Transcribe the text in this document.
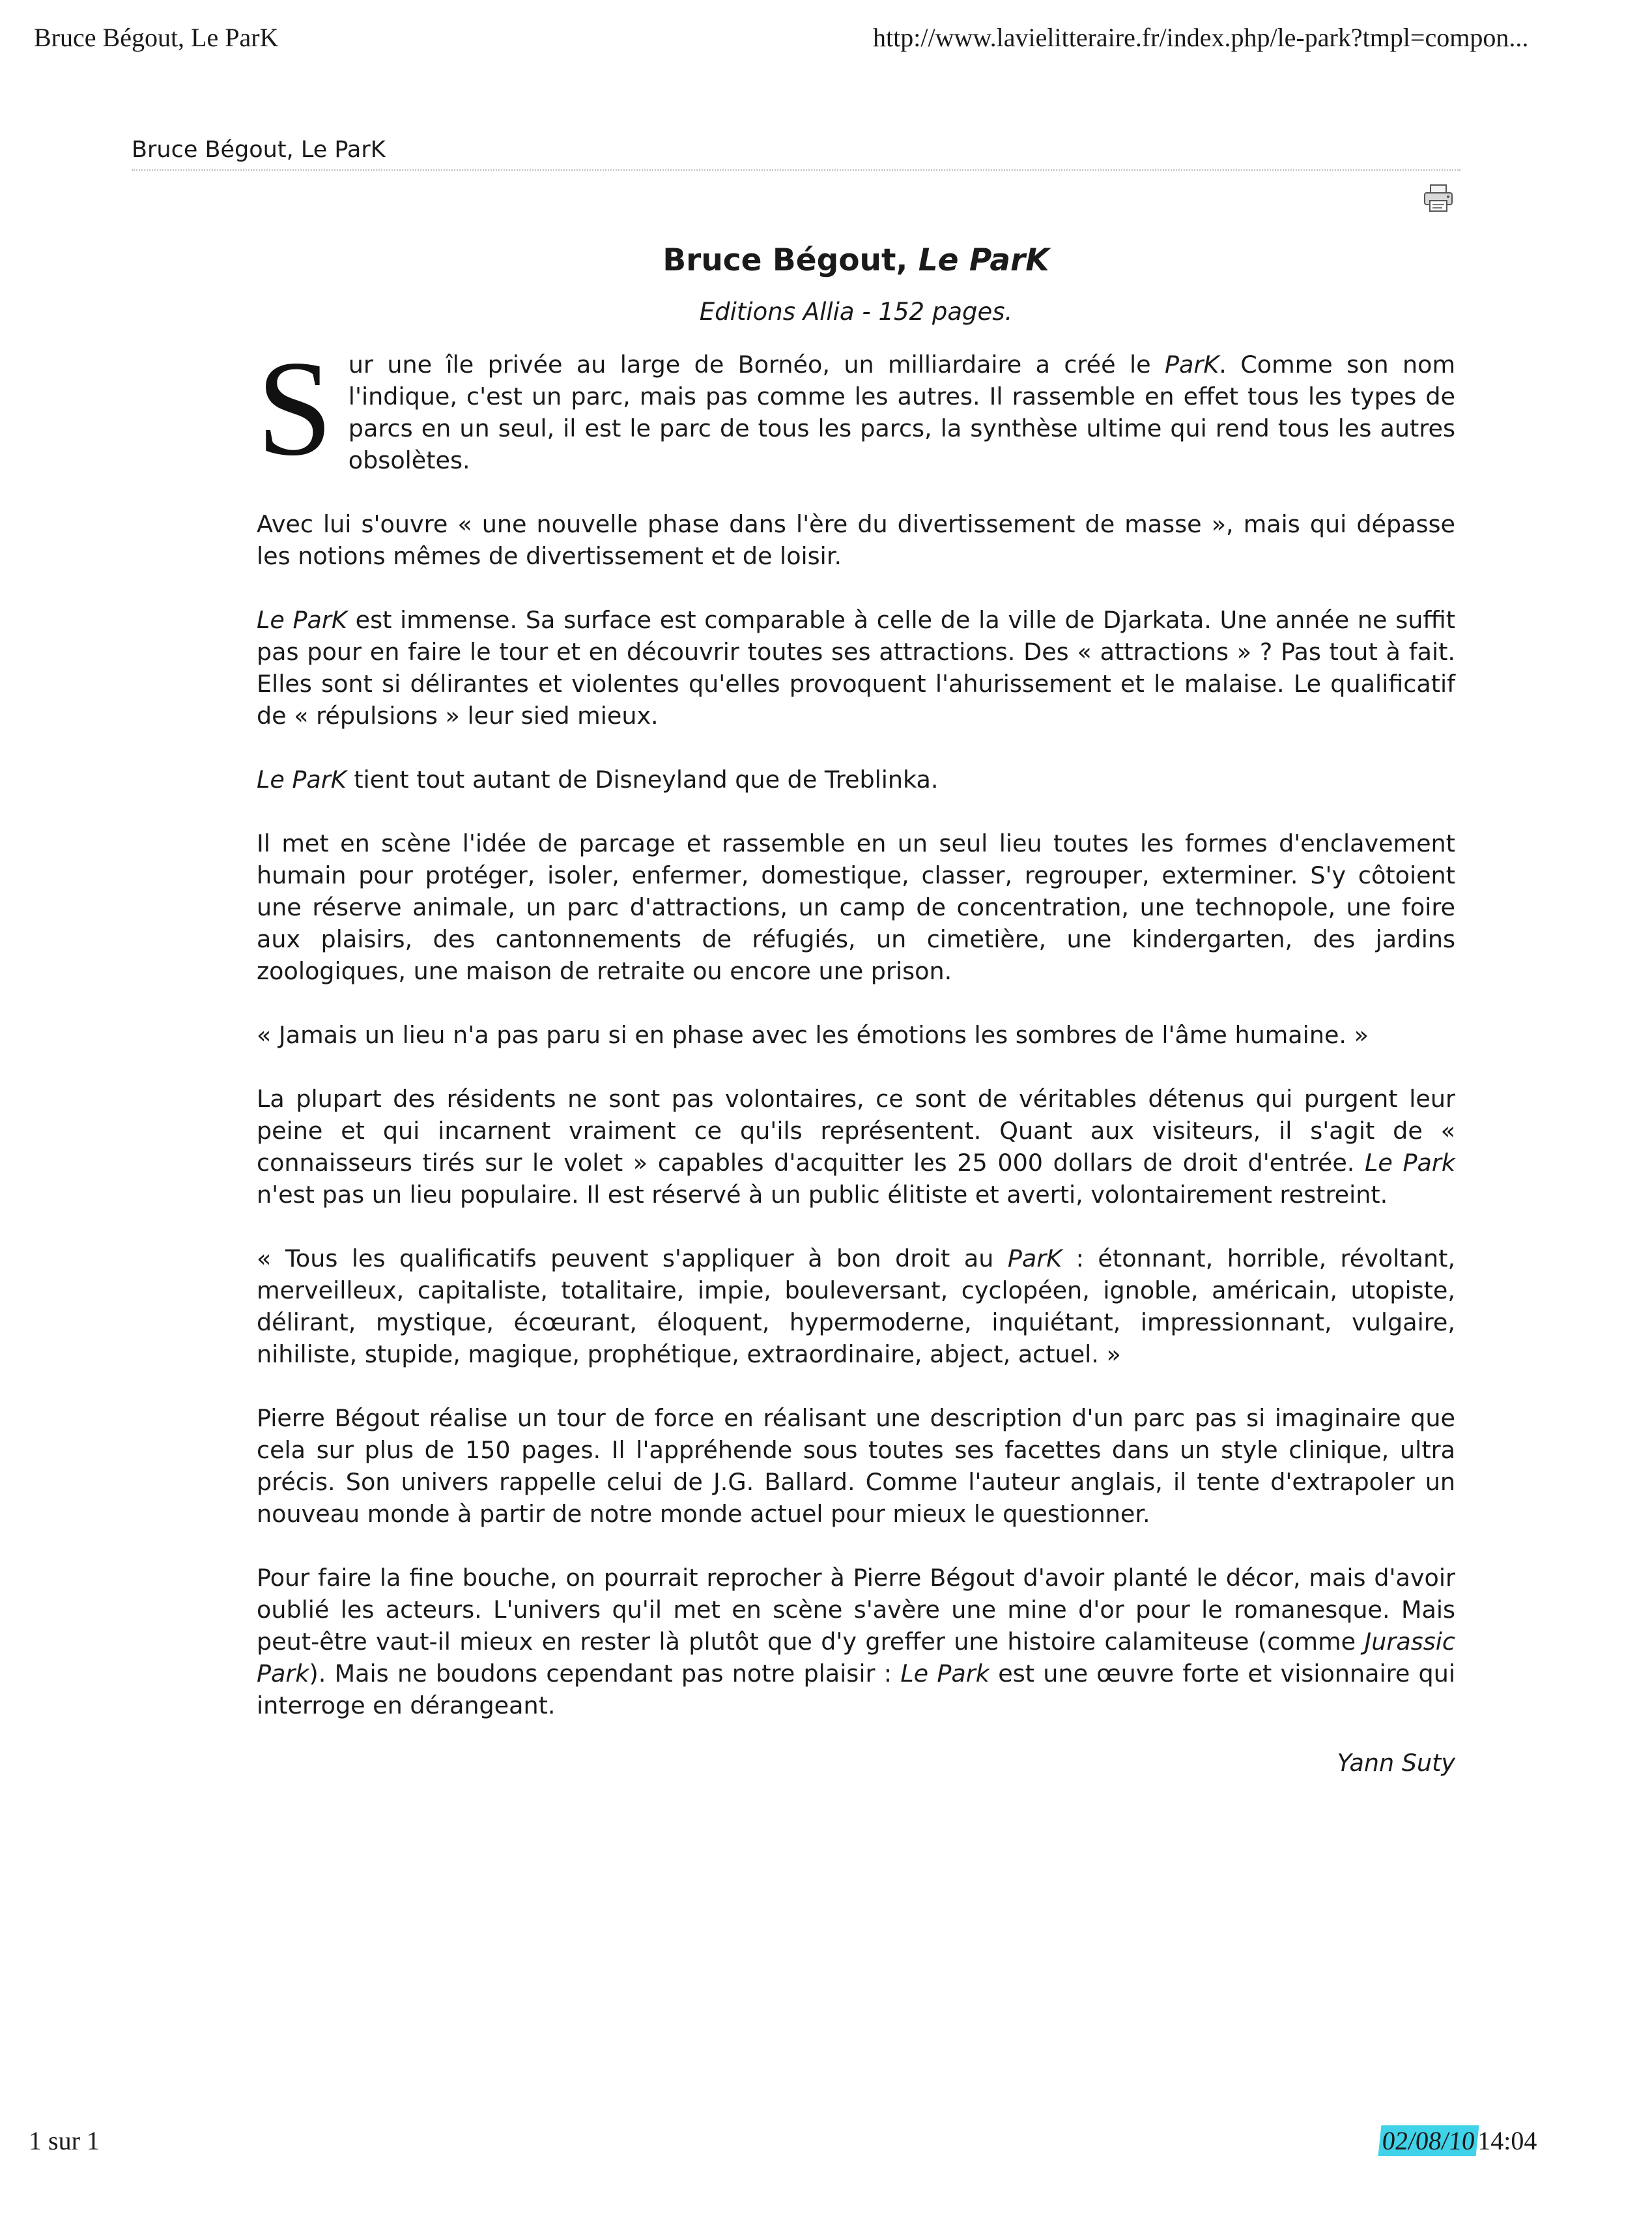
Bruce Bégout, Le ParK	http://www.lavielitteraire.fr/index.php/le-park?tmpl=compon...
Bruce Bégout, Le ParK
Bruce Bégout, Le ParK
Editions Allia - 152 pages.
Sur une île privée au large de Bornéo, un milliardaire a créé le ParK. Comme son nom l'indique, c'est un parc, mais pas comme les autres. Il rassemble en effet tous les types de parcs en un seul, il est le parc de tous les parcs, la synthèse ultime qui rend tous les autres obsolètes.

Avec lui s'ouvre « une nouvelle phase dans l'ère du divertissement de masse », mais qui dépasse les notions mêmes de divertissement et de loisir.

Le ParK est immense. Sa surface est comparable à celle de la ville de Djarkata. Une année ne suffit pas pour en faire le tour et en découvrir toutes ses attractions. Des « attractions » ? Pas tout à fait. Elles sont si délirantes et violentes qu'elles provoquent l'ahurissement et le malaise. Le qualificatif de « répulsions » leur sied mieux.

Le ParK tient tout autant de Disneyland que de Treblinka.

Il met en scène l'idée de parcage et rassemble en un seul lieu toutes les formes d'enclavement humain pour protéger, isoler, enfermer, domestique, classer, regrouper, exterminer. S'y côtoient une réserve animale, un parc d'attractions, un camp de concentration, une technopole, une foire aux plaisirs, des cantonnements de réfugiés, un cimetière, une kindergarten, des jardins zoologiques, une maison de retraite ou encore une prison.

« Jamais un lieu n'a pas paru si en phase avec les émotions les sombres de l'âme humaine. »

La plupart des résidents ne sont pas volontaires, ce sont de véritables détenus qui purgent leur peine et qui incarnent vraiment ce qu'ils représentent. Quant aux visiteurs, il s'agit de « connaisseurs tirés sur le volet » capables d'acquitter les 25 000 dollars de droit d'entrée. Le Park n'est pas un lieu populaire. Il est réservé à un public élitiste et averti, volontairement restreint.

« Tous les qualificatifs peuvent s'appliquer à bon droit au ParK : étonnant, horrible, révoltant, merveilleux, capitaliste, totalitaire, impie, bouleversant, cyclopéen, ignoble, américain, utopiste, délirant, mystique, écœurant, éloquent, hypermoderne, inquiétant, impressionnant, vulgaire, nihiliste, stupide, magique, prophétique, extraordinaire, abject, actuel. »

Pierre Bégout réalise un tour de force en réalisant une description d'un parc pas si imaginaire que cela sur plus de 150 pages. Il l'appréhende sous toutes ses facettes dans un style clinique, ultra précis. Son univers rappelle celui de J.G. Ballard. Comme l'auteur anglais, il tente d'extrapoler un nouveau monde à partir de notre monde actuel pour mieux le questionner.

Pour faire la fine bouche, on pourrait reprocher à Pierre Bégout d'avoir planté le décor, mais d'avoir oublié les acteurs. L'univers qu'il met en scène s'avère une mine d'or pour le romanesque. Mais peut-être vaut-il mieux en rester là plutôt que d'y greffer une histoire calamiteuse (comme Jurassic Park). Mais ne boudons cependant pas notre plaisir : Le Park est une œuvre forte et visionnaire qui interroge en dérangeant.

Yann Suty
1 sur 1	02/08/1014:04
